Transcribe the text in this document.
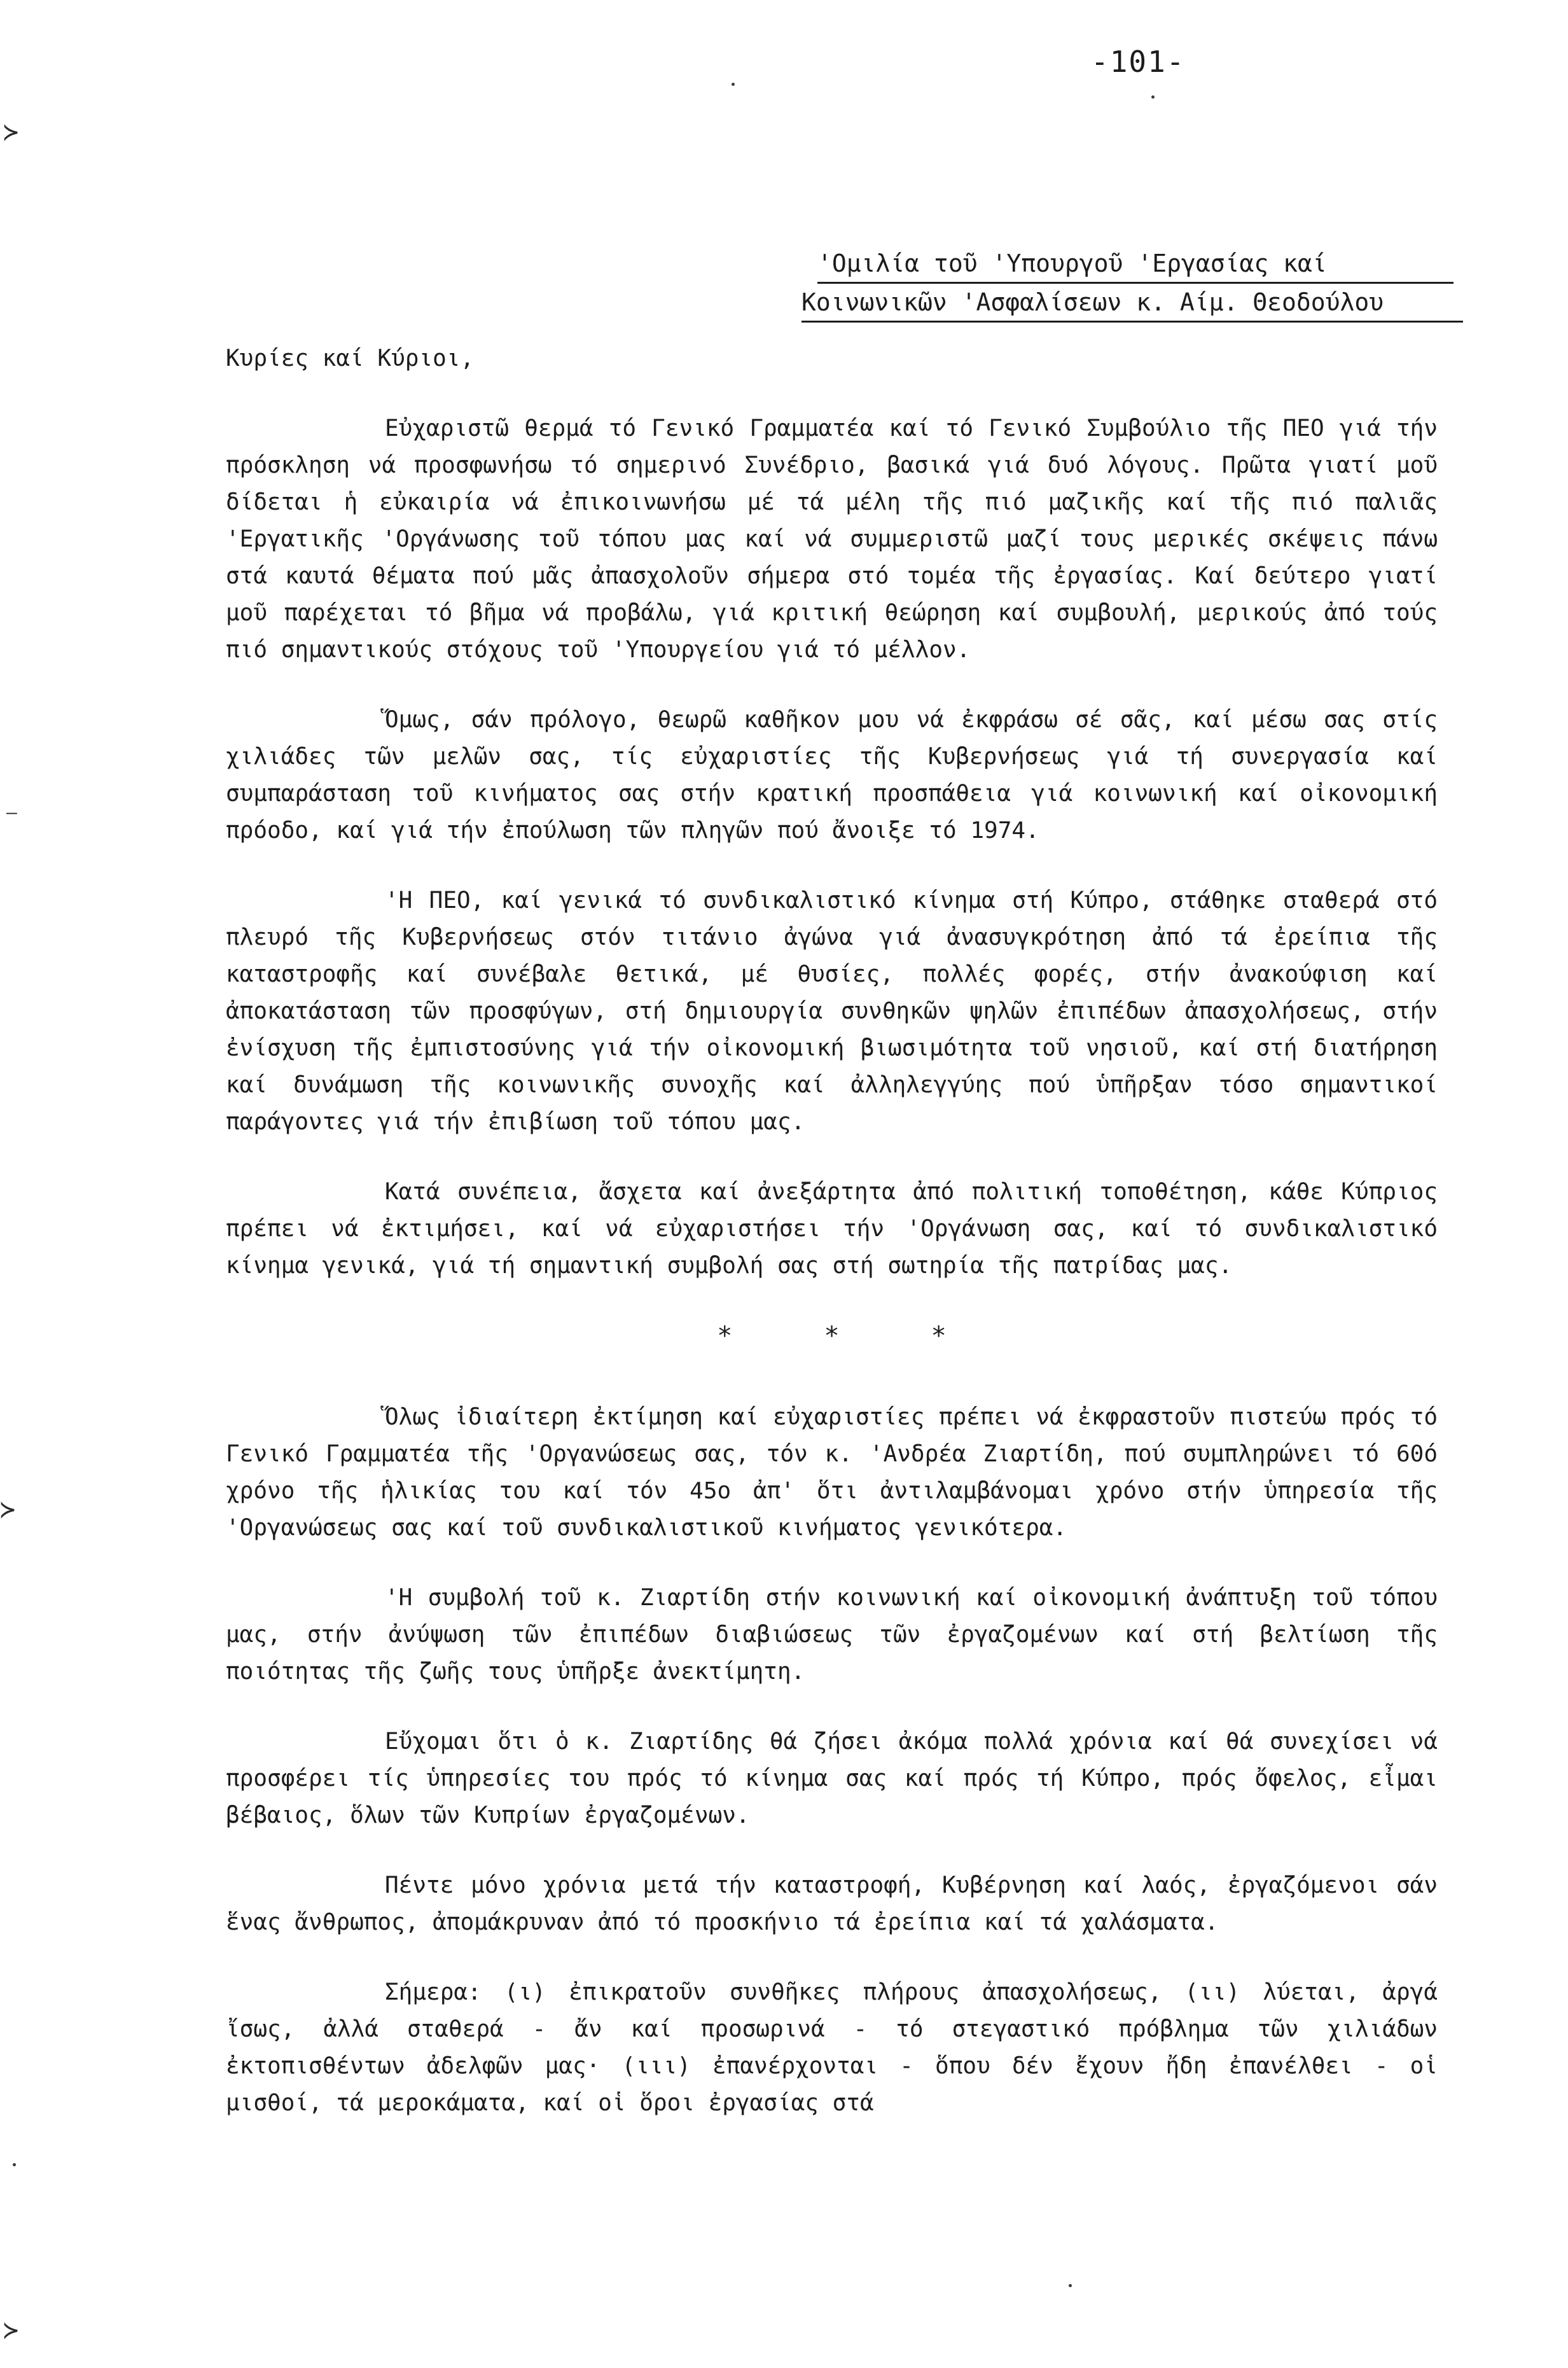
-101-
'Ομιλία τοῦ 'Υπουργοῦ 'Εργασίας καί
Κοινωνικῶν 'Ασφαλίσεων κ. Αίμ. Θεοδούλου
Κυρίες καί Κύριοι,

Εὐχαριστῶ θερμά τό Γενικό Γραμματέα καί τό Γενικό Συμβούλιο τῆς ΠΕΟ γιά τήν πρόσκληση νά προσφωνήσω τό σημερινό Συνέδριο, βασικά γιά δυό λόγους. Πρῶτα γιατί μοῦ δίδεται ἡ εὐκαιρία νά ἐπικοινωνήσω μέ τά μέλη τῆς πιό μαζικῆς καί τῆς πιό παλιᾶς 'Εργατικῆς 'Οργάνωσης τοῦ τόπου μας καί νά συμμεριστῶ μαζί τους μερικές σκέψεις πάνω στά καυτά θέματα πού μᾶς ἀπασχολοῦν σήμερα στό τομέα τῆς ἐργασίας. Καί δεύτερο γιατί μοῦ παρέχεται τό βῆμα νά προβάλω, γιά κριτική θεώρηση καί συμβουλή, μερικούς ἀπό τούς πιό σημαντικούς στόχους τοῦ 'Υπουργείου γιά τό μέλλον.

Ὅμως, σάν πρόλογο, θεωρῶ καθῆκον μου νά ἐκφράσω σέ σᾶς, καί μέσω σας στίς χιλιάδες τῶν μελῶν σας, τίς εὐχαριστίες τῆς Κυβερνήσεως γιά τή συνεργασία καί συμπαράσταση τοῦ κινήματος σας στήν κρατική προσπάθεια γιά κοινωνική καί οἰκονομική πρόοδο, καί γιά τήν ἐπούλωση τῶν πληγῶν πού ἄνοιξε τό 1974.

'Η ΠΕΟ, καί γενικά τό συνδικαλιστικό κίνημα στή Κύπρο, στάθηκε σταθερά στό πλευρό τῆς Κυβερνήσεως στόν τιτάνιο ἀγώνα γιά ἀνασυγκρότηση ἀπό τά ἐρείπια τῆς καταστροφῆς καί συνέβαλε θετικά, μέ θυσίες, πολλές φορές, στήν ἀνακούφιση καί ἀποκατάσταση τῶν προσφύγων, στή δημιουργία συνθηκῶν ψηλῶν ἐπιπέδων ἀπασχολήσεως, στήν ἐνίσχυση τῆς ἐμπιστοσύνης γιά τήν οἰκονομική βιωσιμότητα τοῦ νησιοῦ, καί στή διατήρηση καί δυνάμωση τῆς κοινωνικῆς συνοχῆς καί ἀλληλεγγύης πού ὑπῆρξαν τόσο σημαντικοί παράγοντες γιά τήν ἐπιβίωση τοῦ τόπου μας.

Κατά συνέπεια, ἄσχετα καί ἀνεξάρτητα ἀπό πολιτική τοποθέτηση, κάθε Κύπριος πρέπει νά ἐκτιμήσει, καί νά εὐχαριστήσει τήν 'Οργάνωση σας, καί τό συνδικαλιστικό κίνημα γενικά, γιά τή σημαντική συμβολή σας στή σωτηρία τῆς πατρίδας μας.

* * *

Ὅλως ἰδιαίτερη ἐκτίμηση καί εὐχαριστίες πρέπει νά ἐκφραστοῦν πιστεύω πρός τό Γενικό Γραμματέα τῆς 'Οργανώσεως σας, τόν κ. 'Ανδρέα Ζιαρτίδη, πού συμπληρώνει τό 60ό χρόνο τῆς ἡλικίας του καί τόν 45ο ἀπ' ὅτι ἀντιλαμβάνομαι χρόνο στήν ὑπηρεσία τῆς 'Οργανώσεως σας καί τοῦ συνδικαλιστικοῦ κινήματος γενικότερα.

'Η συμβολή τοῦ κ. Ζιαρτίδη στήν κοινωνική καί οἰκονομική ἀνάπτυξη τοῦ τόπου μας, στήν ἀνύψωση τῶν ἐπιπέδων διαβιώσεως τῶν ἐργαζομένων καί στή βελτίωση τῆς ποιότητας τῆς ζωῆς τους ὑπῆρξε ἀνεκτίμητη.

Εὔχομαι ὅτι ὁ κ. Ζιαρτίδης θά ζήσει ἀκόμα πολλά χρόνια καί θά συνεχίσει νά προσφέρει τίς ὑπηρεσίες του πρός τό κίνημα σας καί πρός τή Κύπρο, πρός ὄφελος, εἶμαι βέβαιος, ὅλων τῶν Κυπρίων ἐργαζομένων.

Πέντε μόνο χρόνια μετά τήν καταστροφή, Κυβέρνηση καί λαός, ἐργαζόμενοι σάν ἕνας ἄνθρωπος, ἀπομάκρυναν ἀπό τό προσκήνιο τά ἐρείπια καί τά χαλάσματα.

Σήμερα: (ι) ἐπικρατοῦν συνθῆκες πλήρους ἀπασχολήσεως, (ιι) λύεται, ἀργά ἴσως, ἀλλά σταθερά - ἄν καί προσωρινά - τό στεγαστικό πρόβλημα τῶν χιλιάδων ἐκτοπισθέντων ἀδελφῶν μας· (ιιι) ἐπανέρχονται - ὅπου δέν ἔχουν ἤδη ἐπανέλθει - οἱ μισθοί, τά μεροκάματα, καί οἱ ὅροι ἐργασίας στά

≻
—
≻
≻
